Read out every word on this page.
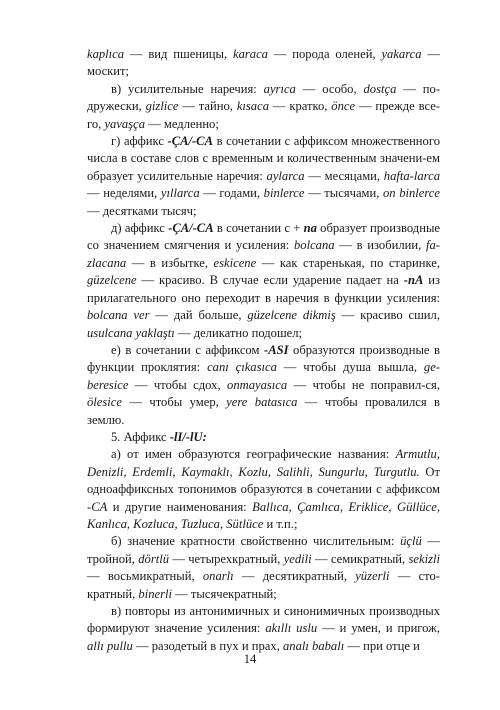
kaplıca — вид пшеницы, karaca — порода оленей, yakarca — москит;

в) усилительные наречия: ayrıca — особо, dostça — по-дружески, gizlice — тайно, kısaca — кратко, önce — прежде все-го, yavaşça — медленно;

г) аффикс -ÇA/-CA в сочетании с аффиксом множественного числа в составе слов с временным и количественным значени-ем образует усилительные наречия: aylarca — месяцами, hafta-larca — неделями, yıllarca — годами, binlerce — тысячами, on binlerce — десятками тысяч;

д) аффикс -ÇA/-CA в сочетании с + na образует производные со значением смягчения и усиления: bolcana — в изобилии, fa-zlacana — в избытке, eskicene — как старенькая, по старинке, güzelcene — красиво. В случае если ударение падает на -nA из прилагательного оно переходит в наречия в функции усиления: bolcana ver — дай больше, güzelcene dikmiş — красиво сшил, usulcana yaklaştı — деликатно подошел;

е) в сочетании с аффиксом -ASI образуются производные в функции проклятия: canı çıkasıca — чтобы душа вышла, ge-beresice — чтобы сдох, onmayasıca — чтобы не поправил-ся, ölesice — чтобы умер, yere batasıca — чтобы провалился в землю.

5. Аффикс -lI/-lU:

а) от имен образуются географические названия: Armutlu, Denizli, Erdemli, Kaymaklı, Kozlu, Salihli, Sungurlu, Turgutlu. От одноаффиксных топонимов образуются в сочетании с аффиксом -CA и другие наименования: Ballıca, Çamlıca, Eriklice, Güllüce, Kanlıca, Kozluca, Tuzluca, Sütlüce и т.п.;

б) значение кратности свойственно числительным: üçlü — тройной, dörtlü — четырехкратный, yedili — семикратный, sekizli — восьмикратный, onarlı — десятикратный, yüzerli — сто-кратный, binerli — тысячекратный;

в) повторы из антонимичных и синонимичных производных формируют значение усиления: akıllı uslu — и умен, и пригож, allı pullu — разодетый в пух и прах, analı babalı — при отце и

14
